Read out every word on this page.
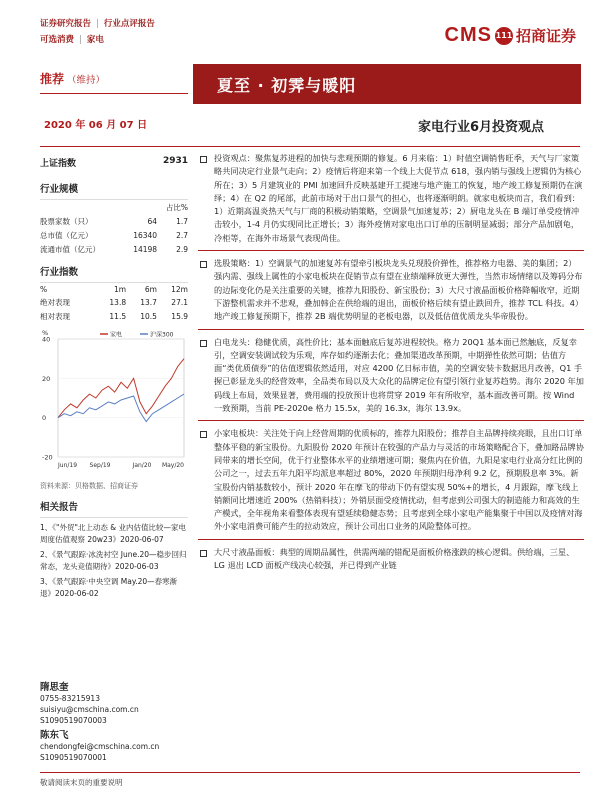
证券研究报告 | 行业点评报告
可选消费 | 家电	CMS 111 招商证券
推荐 （维持）	夏至 · 初霁与暖阳
2020 年 06 月 07 日	家电行业6月投资观点
上证指数	2931
行业规模
		占比%
股票家数（只）	64	1.7
总市值（亿元）	16340	2.7
流通市值（亿元）	14198	2.9
行业指数
%	1m	6m	12m
绝对表现	13.8	13.7	27.1
相对表现	11.5	10.5	15.9
%
40
20
0
-20
Jun/19 Sep/19	Jan/20 May/20
家电	沪深300
资料来源：贝格数据、招商证券
相关报告

1、《"外贸"北上动态 & 业内估值比较—家电周度估值观察 20w23》2020-06-07

2、《景气跟踪·冰洗衬空 June.20—稳步回归常态，龙头竞值期待》2020-06-03

3、《景气跟踪·中央空调 May.20—春寒渐退》2020-06-02

隋思奎
0755-83215913
suisiyu@cmschina.com.cn
S1090519070003
陈东飞
chendongfei@cmschina.com.cn
S1090519070001
投资观点：聚焦复苏进程的加快与悲观预期的修复。6 月来临：1）时值空调销售旺季，天气与厂家策略共同决定行业景气走向；2）疫情后将迎来第一个线上大促节点 618，强内销与强线上逻辑仍为核心所在；3）5 月建筑业的 PMI 加速回升反映基建开工提速与地产施工的恢复，地产竣工修复预期仍在演绎；4）在 Q2 的尾部，此前市场对于出口景气的担心，也将逐渐明朗。就家电板块而言，我们看到：1）近期高温炎热天气与厂商的积极动销策略，空调景气加速复苏；2）厨电龙头在 B 端订单受疫情冲击较小，1-4 月仍实现同比正增长；3）海外疫情对家电出口订单的压制明显减弱；部分产品加剧龟，冷柜等，在海外市场景气表现尚佳。
选股策略：1）空调景气的加速复苏有望牵引板块龙头兑现股价弹性，推荐格力电器、美的集团；2）强内需、强线上属性的小家电板块在促销节点有望在业绩端释放更大弹性，当然市场情绪以及筹码分布的边际变化仍是关注重要的关键，推荐九阳股份、新宝股份；3）大尺寸液晶面板价格降幅收窄，近期下游整机需求并不悲观，叠加韩企在供给端的退出，面板价格后续有望止跌回升，推荐 TCL 科技。4）地产竣工修复预期下，推荐 2B 端优势明显的老板电器，以及低估值优质龙头华帝股份。
白电龙头：稳健优质，高性价比；基本面触底后复苏进程较快。格力 20Q1 基本面已然触底，反复幸引，空调安装调试较为乐观，库存如约逐渐去化；叠加渠道改革预期，中期弹性依然可期；估值方面“类优质债券”的估值逻辑依然适用，对应 4200 亿日标市值，美的空调安装卡数据迅月改善，Q1 手握已彰显龙头的经营效率，全品类布局以及大众化的品牌定位有望引领行业复苏趋势。海尔 2020 年加码线上布局，效果显著，费用端的投放预计也将贯穿 2019 年有所收窄，基本面改善可期。按 Wind 一致预期，当前 PE-2020e 格力 15.5x，美的 16.3x，海尔 13.9x。
小家电板块：关注处于向上经营周期的优质标的，推荐九阳股份；推荐自主品牌持续亮眼，且出口订单整体平稳的新宝股份。九阳股份 2020 年预计在较强的产品力与灵活的市场策略配合下，叠加路品牌协同带来的增长空间，优于行业整体水平的业绩增速可期；聚焦内在价值，九阳是家电行业高分红比例的公司之一，过去五年九阳平均派息率超过 80%，2020 年预期归母净利 9.2 亿，预期股息率 3%。新宝股份内销基数较小，预计 2020 年在摩飞的带动下仍有望实现 50%+的增长，4 月跟踪，摩飞线上销额同比增速近 200%（热销料技）；外销层面受疫情扰动，但考虑到公司强大的制造能力和高效的生产模式，全年视角来看整体表现有望延续稳健态势；且考虑到全球小家电产能集聚于中国以及疫情对海外小家电消费可能产生的拉动效应，预计公司出口业务的风险整体可控。
大尺寸液晶面板：典型的周期品属性，供需两端的错配是面板价格涨跌的核心逻辑。供给端，三星、LG 退出 LCD 面板产线决心较强，并已得到产业链
敬请阅读末页的重要说明
